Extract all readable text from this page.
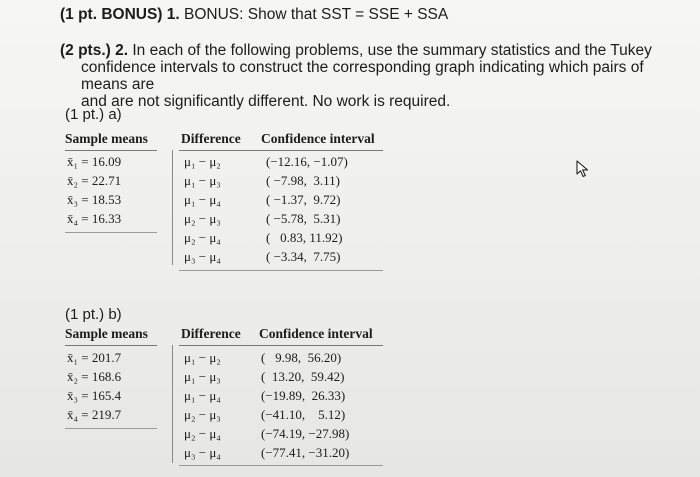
(1 pt. BONUS) 1. BONUS: Show that SST = SSE + SSA
(2 pts.) 2. In each of the following problems, use the summary statistics and the Tukey
confidence intervals to construct the corresponding graph indicating which pairs of means are
and are not significantly different. No work is required.
(1 pt.) a)
Sample means Difference Confidence interval
x̄₁ = 16.09
x̄₂ = 22.71
x̄₃ = 18.53
x̄₄ = 16.33
μ₁ − μ₂
μ₁ − μ₃
μ₁ − μ₄
μ₂ − μ₃
μ₂ − μ₄
μ₃ − μ₄
(−12.16, −1.07)
( −7.98,  3.11)
( −1.37,  9.72)
( −5.78,  5.31)
(   0.83, 11.92)
( −3.34,  7.75)
(1 pt.) b)
Sample means Difference Confidence interval
x̄₁ = 201.7
x̄₂ = 168.6
x̄₃ = 165.4
x̄₄ = 219.7
μ₁ − μ₂
μ₁ − μ₃
μ₁ − μ₄
μ₂ − μ₃
μ₂ − μ₄
μ₃ − μ₄
(   9.98,  56.20)
(  13.20,  59.42)
(−19.89,  26.33)
(−41.10,    5.12)
(−74.19, −27.98)
(−77.41, −31.20)
